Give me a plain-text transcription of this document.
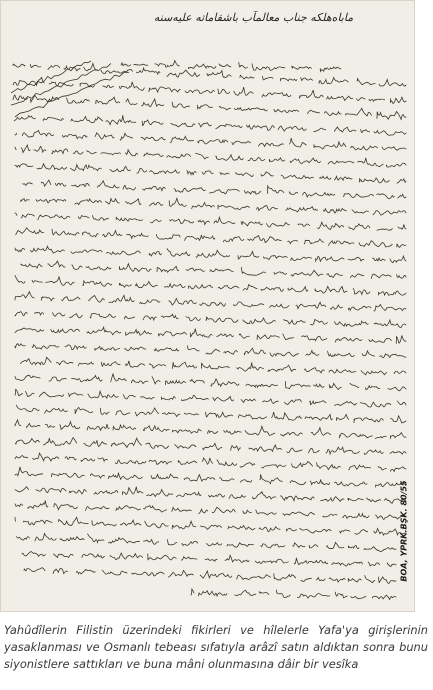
ماباه‌هلكه جناب معالمآب باشقاماته عليه‌سنه
BOA, YPRK.BŞK. 80/55

Yahûdîlerin Filistin üzerindeki fikirleri ve hîlelerle Yafa'ya girişlerinin yasaklanması ve Osmanlı tebeası sıfatıyla arâzî satın aldıktan sonra bunu siyonistlere sattıkları ve buna mâni olunmasına dâir bir vesîka
